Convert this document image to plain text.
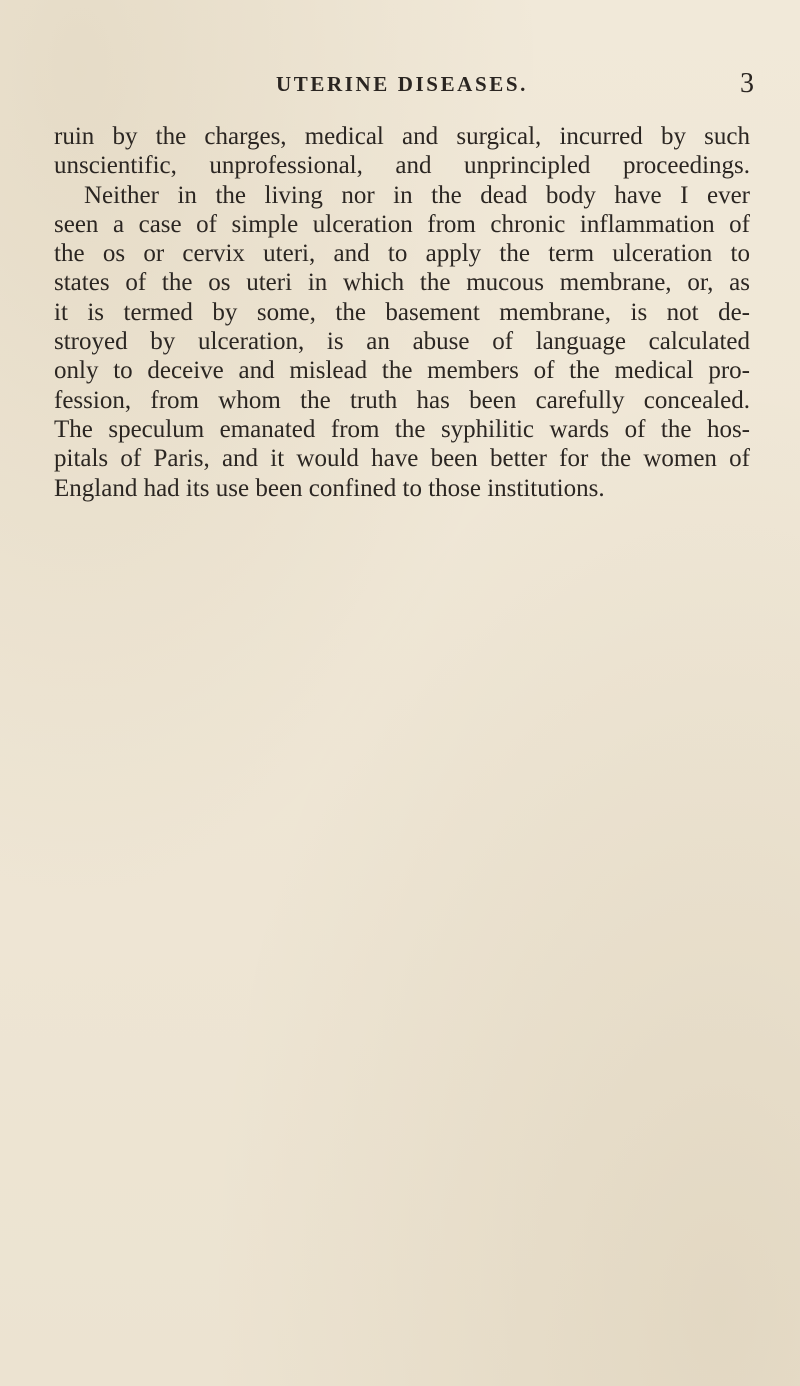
UTERINE DISEASES.	3
ruin by the charges, medical and surgical, incurred by such
unscientific, unprofessional, and unprincipled proceedings.
Neither in the living nor in the dead body have I ever
seen a case of simple ulceration from chronic inflammation of
the os or cervix uteri, and to apply the term ulceration to
states of the os uteri in which the mucous membrane, or, as
it is termed by some, the basement membrane, is not de-
stroyed by ulceration, is an abuse of language calculated
only to deceive and mislead the members of the medical pro-
fession, from whom the truth has been carefully concealed.
The speculum emanated from the syphilitic wards of the hos-
pitals of Paris, and it would have been better for the women of
England had its use been confined to those institutions.
